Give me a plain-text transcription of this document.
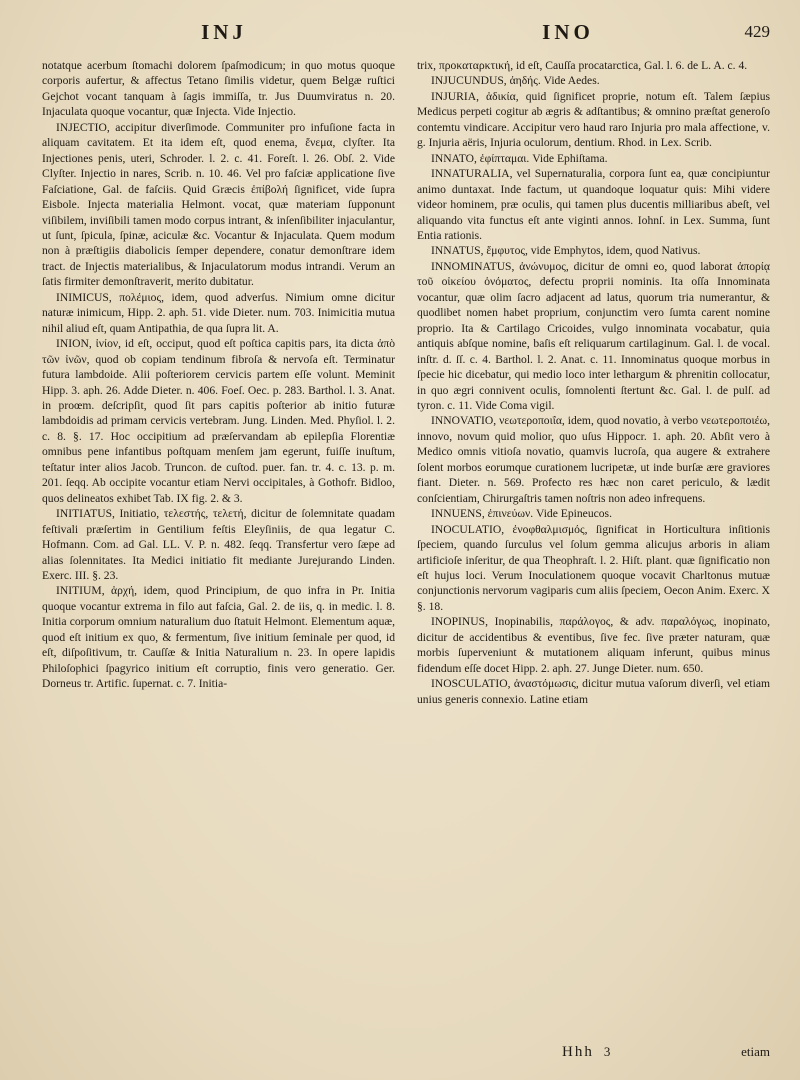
INJ	INO	429

notatque acerbum ſtomachi dolorem ſpaſmodicum; in quo motus quoque corporis aufertur, & affectus Tetano ſimilis videtur, quem Belgæ ruſtici Gejchot vocant tanquam à ſagis immiſſa, tr. Jus Duumviratus n. 20. Injaculata quoque vocantur, quæ Injecta. Vide Injectio.

INJECTIO, accipitur diverſimode. Communiter pro infuſione facta in aliquam cavitatem. Et ita idem eſt, quod enema, ἔνεμα, clyſter. Ita Injectiones penis, uteri, Schroder. l. 2. c. 41. Foreſt. l. 26. Obſ. 2. Vide Clyſter. Injectio in nares, Scrib. n. 10. 46. Vel pro faſciæ applicatione ſive Faſciatione, Gal. de faſciis. Quid Græcis ἐπίβολή ſignificet, vide ſupra Eisbole. Injecta materialia Helmont. vocat, quæ materiam ſupponunt viſibilem, inviſibili tamen modo corpus intrant, & inſenſibiliter injaculantur, ut ſunt, ſpicula, ſpinæ, aciculæ &c. Vocantur & Injaculata. Quem modum non à præſtigiis diabolicis ſemper dependere, conatur demonſtrare idem tract. de Injectis materialibus, & Injaculatorum modus intrandi. Verum an ſatis firmiter demonſtraverit, merito dubitatur.

INIMICUS, πολέμιος, idem, quod adverſus. Nimium omne dicitur naturæ inimicum, Hipp. 2. aph. 51. vide Dieter. num. 703. Inimicitia mutua nihil aliud eſt, quam Antipathia, de qua ſupra lit. A.

INION, ἰνίον, id eſt, occiput, quod eſt poſtica capitis pars, ita dicta ἀπὸ τῶν ἰνῶν, quod ob copiam tendinum fibroſa & nervoſa eſt. Terminatur futura lambdoide. Alii poſteriorem cervicis partem eſſe volunt. Meminit Hipp. 3. aph. 26. Adde Dieter. n. 406. Foeſ. Oec. p. 283. Barthol. l. 3. Anat. in proœm. deſcripſit, quod ſit pars capitis poſterior ab initio futuræ lambdoidis ad primam cervicis vertebram. Jung. Linden. Med. Phyſiol. l. 2. c. 8. §. 17. Hoc occipitium ad præſervandam ab epilepſia Florentiæ omnibus pene infantibus poſtquam menſem jam egerunt, fuiſſe inuſtum, teſtatur inter alios Jacob. Truncon. de cuſtod. puer. fan. tr. 4. c. 13. p. m. 201. ſeqq. Ab occipite vocantur etiam Nervi occipitales, à Gothofr. Bidloo, quos delineatos exhibet Tab. IX fig. 2. & 3.

INITIATUS, Initiatio, τελεστής, τελετή, dicitur de ſolemnitate quadam feſtivali præſertim in Gentilium feſtis Eleyſiniis, de qua legatur C. Hofmann. Com. ad Gal. LL. V. P. n. 482. ſeqq. Transfertur vero ſæpe ad alias ſolennitates. Ita Medici initiatio fit mediante Jurejurando Linden. Exerc. III. §. 23.

INITIUM, ἀρχή, idem, quod Principium, de quo infra in Pr. Initia quoque vocantur extrema in filo aut faſcia, Gal. 2. de iis, q. in medic. l. 8. Initia corporum omnium naturalium duo ſtatuit Helmont. Elementum aquæ, quod eſt initium ex quo, & fermentum, ſive initium ſeminale per quod, id eſt, diſpoſitivum, tr. Cauſſæ & Initia Naturalium n. 23. In opere lapidis Philoſophici ſpagyrico initium eſt corruptio, finis vero generatio. Ger. Dorneus tr. Artific. ſupernat. c. 7. Initia-

trix, προκαταρκτική, id eſt, Cauſſa procatarctica, Gal. l. 6. de L. A. c. 4.

INJUCUNDUS, ἀηδής. Vide Aedes.

INJURIA, ἀδικία, quid ſignificet proprie, notum eſt. Talem ſæpius Medicus perpeti cogitur ab ægris & adſtantibus; & omnino præſtat generoſo contemtu vindicare. Accipitur vero haud raro Injuria pro mala affectione, v. g. Injuria aëris, Injuria oculorum, dentium. Rhod. in Lex. Scrib.

INNATO, ἐφίπταμαι. Vide Ephiſtama.

INNATURALIA, vel Supernaturalia, corpora ſunt ea, quæ concipiuntur animo duntaxat. Inde factum, ut quandoque loquatur quis: Mihi videre videor hominem, præ oculis, qui tamen plus ducentis milliaribus abeſt, vel aliquando vita functus eſt ante viginti annos. Iohnſ. in Lex. Summa, ſunt Entia rationis.

INNATUS, ἔμφυτος, vide Emphytos, idem, quod Nativus.

INNOMINATUS, ἀνώνυμος, dicitur de omni eo, quod laborat ἀπορίᾳ τοῦ οἰκείου ὀνόματος, defectu proprii nominis. Ita oſſa Innominata vocantur, quæ olim ſacro adjacent ad latus, quorum tria numerantur, & quodlibet nomen habet proprium, conjunctim vero ſumta carent nomine proprio. Ita & Cartilago Cricoides, vulgo innominata vocabatur, quia antiquis abſque nomine, baſis eſt reliquarum cartilaginum. Gal. l. de vocal. inſtr. d. ſſ. c. 4. Barthol. l. 2. Anat. c. 11. Innominatus quoque morbus in ſpecie hic dicebatur, qui medio loco inter lethargum & phrenitin collocatur, in quo ægri connivent oculis, ſomnolenti ſtertunt &c. Gal. l. de pulſ. ad tyron. c. 11. Vide Coma vigil.

INNOVATIO, νεωτεροποιΐα, idem, quod novatio, à verbo νεωτεροποιέω, innovo, novum quid molior, quo uſus Hippocr. 1. aph. 20. Abſit vero à Medico omnis vitioſa novatio, quamvis lucroſa, qua augere & extrahere ſolent morbos eorumque curationem lucripetæ, ut inde burſæ ære graviores fiant. Dieter. n. 569. Profecto res hæc non caret periculo, & lædit conſcientiam, Chirurgaſtris tamen noſtris non adeo infrequens.

INNUENS, ἐπινεύων. Vide Epineucos.

INOCULATIO, ἐνοφθαλμισμός, ſignificat in Horticultura inſitionis ſpeciem, quando ſurculus vel ſolum gemma alicujus arboris in aliam artificioſe inſeritur, de qua Theophraſt. l. 2. Hiſt. plant. quæ ſignificatio non eſt hujus loci. Verum Inoculationem quoque vocavit Charltonus mutuæ conjunctionis nervorum vagiparis cum aliis ſpeciem, Oecon Anim. Exerc. X §. 18.

INOPINUS, Inopinabilis, παράλογος, & adv. παραλόγως, inopinato, dicitur de accidentibus & eventibus, ſive fec. ſive præter naturam, quæ morbis ſuperveniunt & mutationem aliquam inferunt, quibus minus fidendum eſſe docet Hipp. 2. aph. 27. Junge Dieter. num. 650.

INOSCULATIO, ἀναστόμωσις, dicitur mutua vaſorum diverſi, vel etiam unius generis connexio. Latine etiam

Hhh 3	etiam
